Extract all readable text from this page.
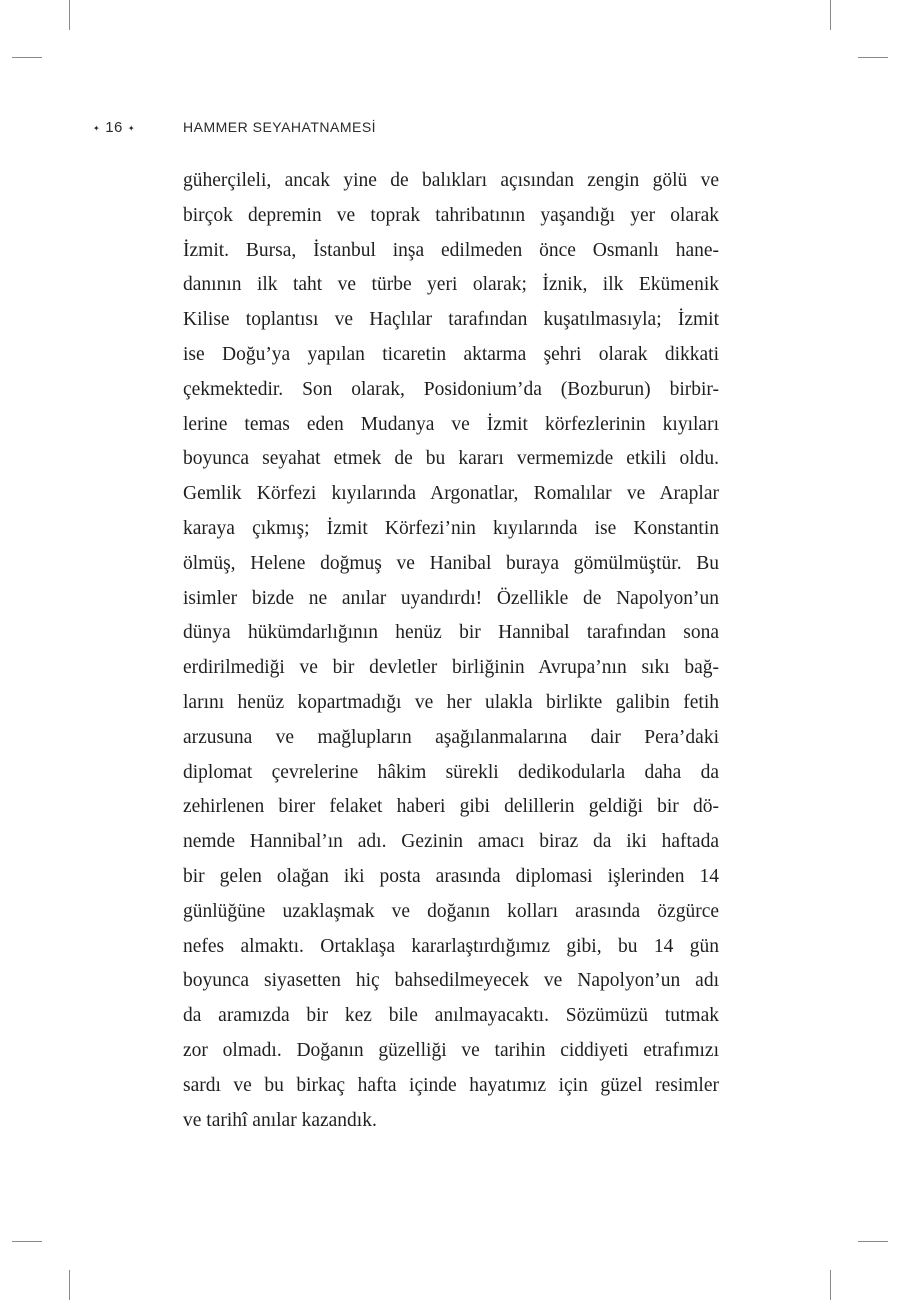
✦ 16 ✦	HAMMER SEYAHATNAMESİ
güherçileli, ancak yine de balıkları açısından zengin gölü ve
birçok depremin ve toprak tahribatının yaşandığı yer olarak
İzmit. Bursa, İstanbul inşa edilmeden önce Osmanlı hane-
danının ilk taht ve türbe yeri olarak; İznik, ilk Ekümenik
Kilise toplantısı ve Haçlılar tarafından kuşatılmasıyla; İzmit
ise Doğu’ya yapılan ticaretin aktarma şehri olarak dikkati
çekmektedir. Son olarak, Posidonium’da (Bozburun) birbir-
lerine temas eden Mudanya ve İzmit körfezlerinin kıyıları
boyunca seyahat etmek de bu kararı vermemizde etkili oldu.
Gemlik Körfezi kıyılarında Argonatlar, Romalılar ve Araplar
karaya çıkmış; İzmit Körfezi’nin kıyılarında ise Konstantin
ölmüş, Helene doğmuş ve Hanibal buraya gömülmüştür. Bu
isimler bizde ne anılar uyandırdı! Özellikle de Napolyon’un
dünya hükümdarlığının henüz bir Hannibal tarafından sona
erdirilmediği ve bir devletler birliğinin Avrupa’nın sıkı bağ-
larını henüz kopartmadığı ve her ulakla birlikte galibin fetih
arzusuna ve mağlupların aşağılanmalarına dair Pera’daki
diplomat çevrelerine hâkim sürekli dedikodularla daha da
zehirlenen birer felaket haberi gibi delillerin geldiği bir dö-
nemde Hannibal’ın adı. Gezinin amacı biraz da iki haftada
bir gelen olağan iki posta arasında diplomasi işlerinden 14
günlüğüne uzaklaşmak ve doğanın kolları arasında özgürce
nefes almaktı. Ortaklaşa kararlaştırdığımız gibi, bu 14 gün
boyunca siyasetten hiç bahsedilmeyecek ve Napolyon’un adı
da aramızda bir kez bile anılmayacaktı. Sözümüzü tutmak
zor olmadı. Doğanın güzelliği ve tarihin ciddiyeti etrafımızı
sardı ve bu birkaç hafta içinde hayatımız için güzel resimler
ve tarihî anılar kazandık.
